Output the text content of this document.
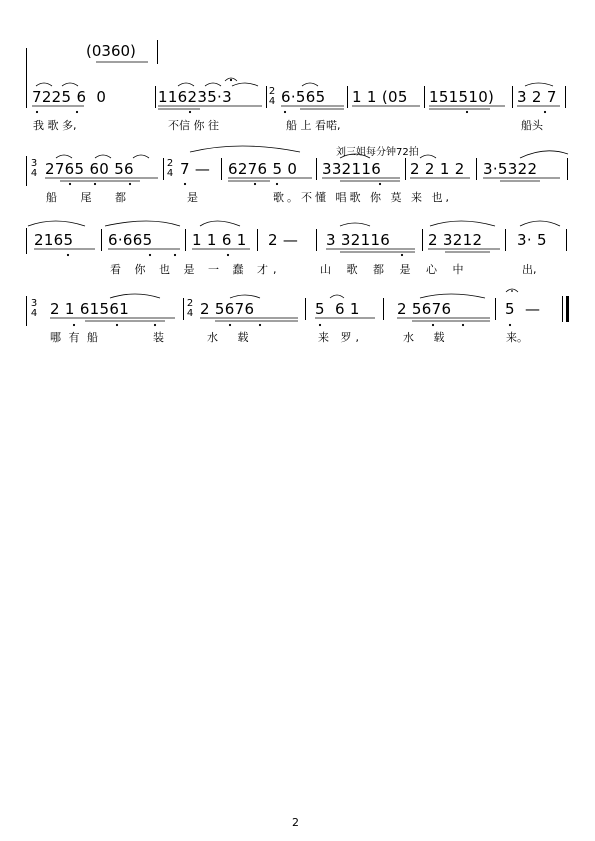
(0360)
7225 6  0	116235·3	2
4 6·565 1 1 (05 151510) 3 2 7
我 歌 多,	不信 你 往	船 上 看喏,	船头
刘三姐每分钟72拍
3
4 2765 60 56	2
4 7 — 6276 5 0 332116 2 2 1 2 3·5322
船 尾 都	是	歌。不懂 唱歌 你 莫 来 也,
2165 6·665	1 1 6 1 2 — 3 32116	2 3212 3· 5
看 你 也 是 一 蠢 才,	山 歌 都 是 心 中	出,
3
4 2 1 61561	2
4 2 5676	5  6 1 2 5676	5  —
哪 有 船	装	水 载	来 罗,	水 载	来。
2
